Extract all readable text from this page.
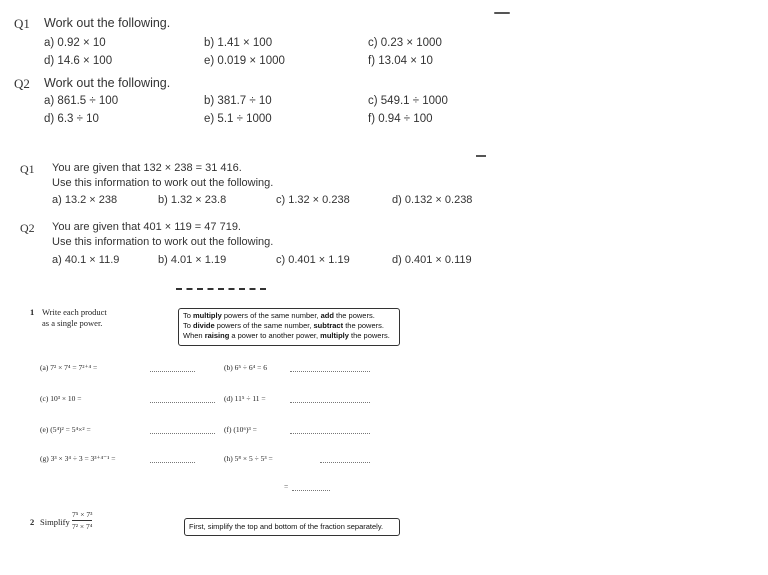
Q1 Work out the following.
a) 0.92 × 10	b) 1.41 × 100	c) 0.23 × 1000
d) 14.6 × 100	e) 0.019 × 1000	f) 13.04 × 10
Q2 Work out the following.
a) 861.5 ÷ 100	b) 381.7 ÷ 10	c) 549.1 ÷ 1000
d) 6.3 ÷ 10	e) 5.1 ÷ 1000	f) 0.94 ÷ 100
Q1 You are given that 132 × 238 = 31 416.
Use this information to work out the following.
a) 13.2 × 238	b) 1.32 × 23.8	c) 1.32 × 0.238	d) 0.132 × 0.238
Q2 You are given that 401 × 119 = 47 719.
Use this information to work out the following.
a) 40.1 × 11.9	b) 4.01 × 1.19	c) 0.401 × 1.19	d) 0.401 × 0.119
1 Write each product
as a single power.
To multiply powers of the same number, add the powers.
To divide powers of the same number, subtract the powers.
When raising a power to another power, multiply the powers.
(a) 7² × 7⁴ = 7²⁺⁴ =	(b) 6⁵ ÷ 6⁴ = 6
(c) 10³ × 10 =	(d) 11⁵ ÷ 11 =
(e) (5⁴)² = 5⁴×² =	(f) (10⁶)³ =
(g) 3³ × 3⁴ ÷ 3 = 3³⁺⁴⁻¹ =	(h) 5⁸ × 5 ÷ 5³ =
=
2 Simplify
7⁵ × 7³
7² × 7⁴	First, simplify the top and bottom of the fraction separately.
